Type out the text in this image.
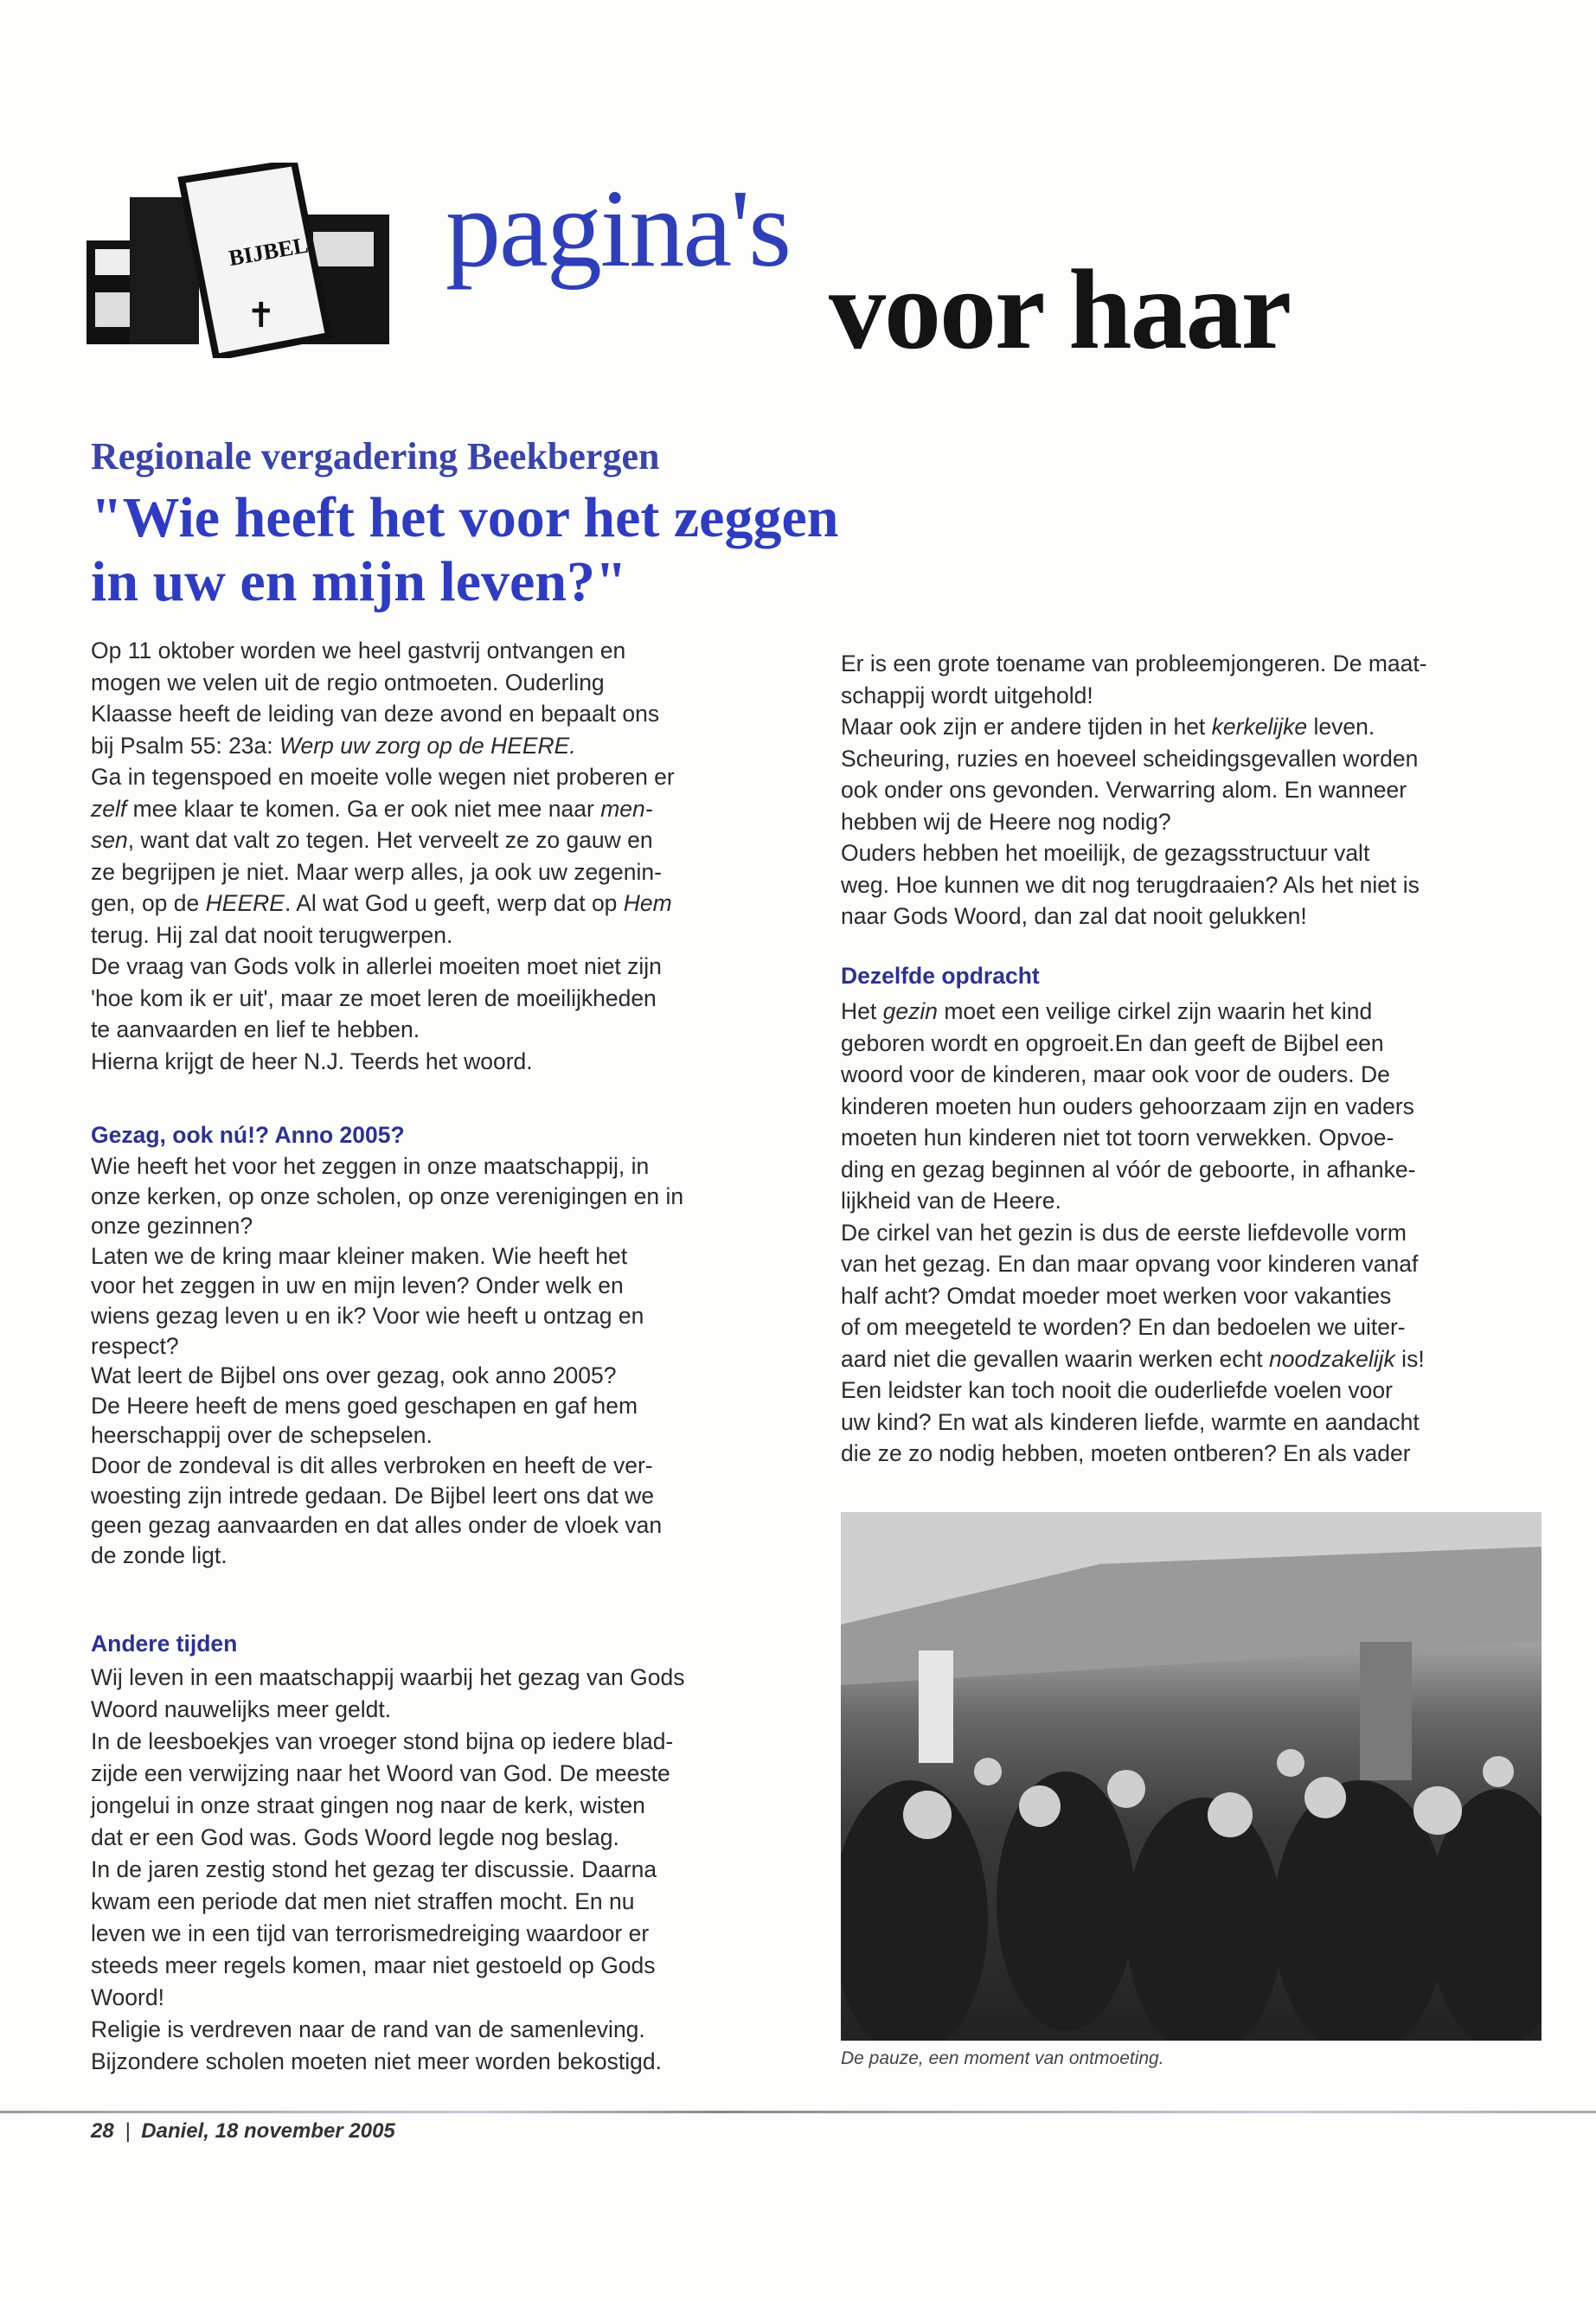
BIJBEL
✝
pagina's
voor haar
Regionale vergadering Beekbergen
"Wie heeft het voor het zeggen
in uw en mijn leven?"
Op 11 oktober worden we heel gastvrij ontvangen en
mogen we velen uit de regio ontmoeten. Ouderling
Klaasse heeft de leiding van deze avond en bepaalt ons
bij Psalm 55: 23a: Werp uw zorg op de HEERE.
Ga in tegenspoed en moeite volle wegen niet proberen er
zelf mee klaar te komen. Ga er ook niet mee naar men-
sen, want dat valt zo tegen. Het verveelt ze zo gauw en
ze begrijpen je niet. Maar werp alles, ja ook uw zegenin-
gen, op de HEERE. Al wat God u geeft, werp dat op Hem
terug. Hij zal dat nooit terugwerpen.
De vraag van Gods volk in allerlei moeiten moet niet zijn
'hoe kom ik er uit', maar ze moet leren de moeilijkheden
te aanvaarden en lief te hebben.
Hierna krijgt de heer N.J. Teerds het woord.
Gezag, ook nú!? Anno 2005?
Wie heeft het voor het zeggen in onze maatschappij, in
onze kerken, op onze scholen, op onze verenigingen en in
onze gezinnen?
Laten we de kring maar kleiner maken. Wie heeft het
voor het zeggen in uw en mijn leven? Onder welk en
wiens gezag leven u en ik? Voor wie heeft u ontzag en
respect?
Wat leert de Bijbel ons over gezag, ook anno 2005?
De Heere heeft de mens goed geschapen en gaf hem
heerschappij over de schepselen.
Door de zondeval is dit alles verbroken en heeft de ver-
woesting zijn intrede gedaan. De Bijbel leert ons dat we
geen gezag aanvaarden en dat alles onder de vloek van
de zonde ligt.
Andere tijden
Wij leven in een maatschappij waarbij het gezag van Gods
Woord nauwelijks meer geldt.
In de leesboekjes van vroeger stond bijna op iedere blad-
zijde een verwijzing naar het Woord van God. De meeste
jongelui in onze straat gingen nog naar de kerk, wisten
dat er een God was. Gods Woord legde nog beslag.
In de jaren zestig stond het gezag ter discussie. Daarna
kwam een periode dat men niet straffen mocht. En nu
leven we in een tijd van terrorismedreiging waardoor er
steeds meer regels komen, maar niet gestoeld op Gods
Woord!
Religie is verdreven naar de rand van de samenleving.
Bijzondere scholen moeten niet meer worden bekostigd.
Er is een grote toename van probleemjongeren. De maat-
schappij wordt uitgehold!
Maar ook zijn er andere tijden in het kerkelijke leven.
Scheuring, ruzies en hoeveel scheidingsgevallen worden
ook onder ons gevonden. Verwarring alom. En wanneer
hebben wij de Heere nog nodig?
Ouders hebben het moeilijk, de gezagsstructuur valt
weg. Hoe kunnen we dit nog terugdraaien? Als het niet is
naar Gods Woord, dan zal dat nooit gelukken!
Dezelfde opdracht
Het gezin moet een veilige cirkel zijn waarin het kind
geboren wordt en opgroeit.En dan geeft de Bijbel een
woord voor de kinderen, maar ook voor de ouders. De
kinderen moeten hun ouders gehoorzaam zijn en vaders
moeten hun kinderen niet tot toorn verwekken. Opvoe-
ding en gezag beginnen al vóór de geboorte, in afhanke-
lijkheid van de Heere.
De cirkel van het gezin is dus de eerste liefdevolle vorm
van het gezag. En dan maar opvang voor kinderen vanaf
half acht? Omdat moeder moet werken voor vakanties
of om meegeteld te worden? En dan bedoelen we uiter-
aard niet die gevallen waarin werken echt noodzakelijk is!
Een leidster kan toch nooit die ouderliefde voelen voor
uw kind? En wat als kinderen liefde, warmte en aandacht
die ze zo nodig hebben, moeten ontberen? En als vader
De pauze, een moment van ontmoeting.
28 | Daniel, 18 november 2005
